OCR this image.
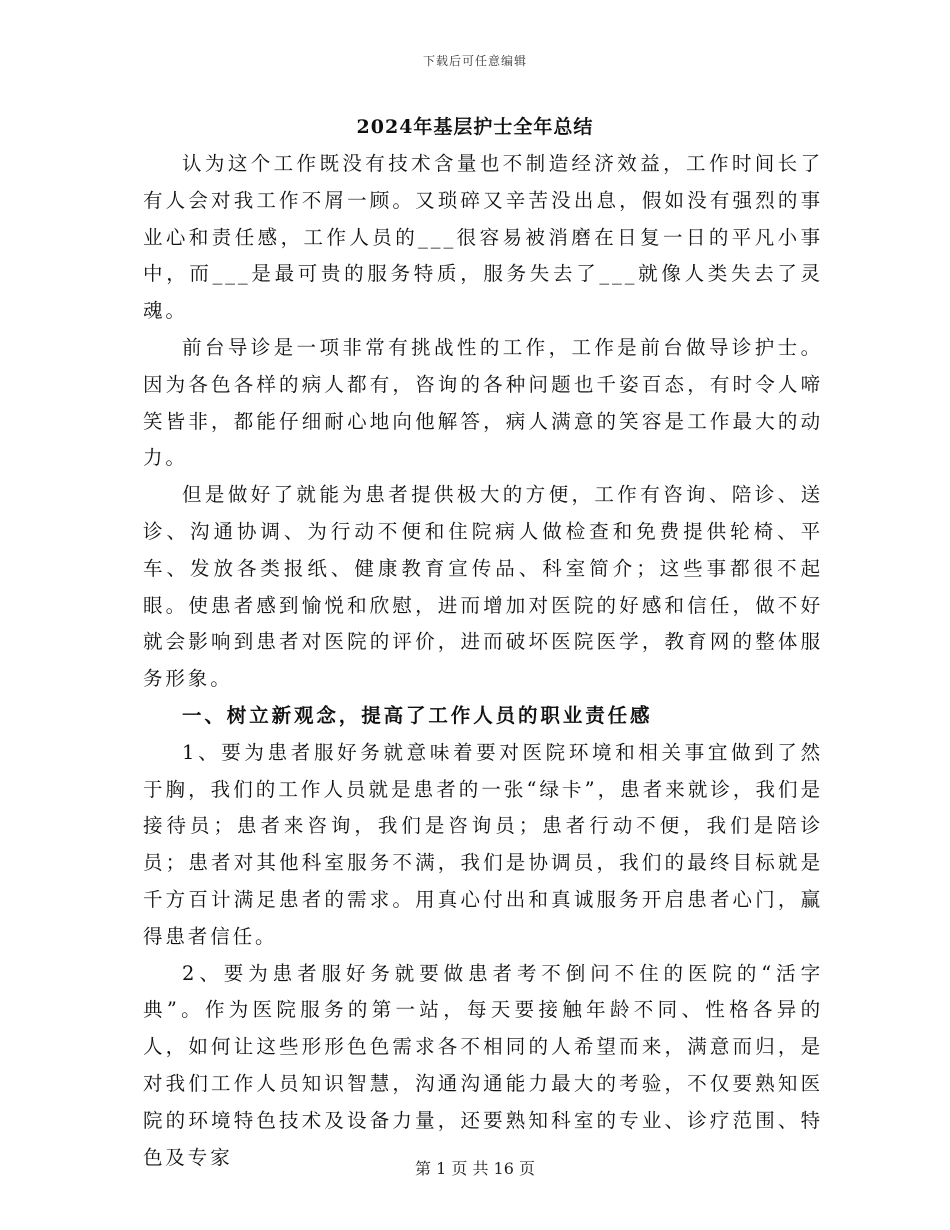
下载后可任意编辑
2024年基层护士全年总结

认为这个工作既没有技术含量也不制造经济效益，工作时间长了有人会对我工作不屑一顾。又琐碎又辛苦没出息，假如没有强烈的事业心和责任感，工作人员的___很容易被消磨在日复一日的平凡小事中，而___是最可贵的服务特质，服务失去了___就像人类失去了灵魂。

前台导诊是一项非常有挑战性的工作，工作是前台做导诊护士。因为各色各样的病人都有，咨询的各种问题也千姿百态，有时令人啼笑皆非，都能仔细耐心地向他解答，病人满意的笑容是工作最大的动力。

但是做好了就能为患者提供极大的方便，工作有咨询、陪诊、送诊、沟通协调、为行动不便和住院病人做检查和免费提供轮椅、平车、发放各类报纸、健康教育宣传品、科室简介；这些事都很不起眼。使患者感到愉悦和欣慰，进而增加对医院的好感和信任，做不好就会影响到患者对医院的评价，进而破坏医院医学，教育网的整体服务形象。

一、树立新观念，提高了工作人员的职业责任感

1、要为患者服好务就意味着要对医院环境和相关事宜做到了然于胸，我们的工作人员就是患者的一张“绿卡”，患者来就诊，我们是接待员；患者来咨询，我们是咨询员；患者行动不便，我们是陪诊员；患者对其他科室服务不满，我们是协调员，我们的最终目标就是千方百计满足患者的需求。用真心付出和真诚服务开启患者心门，赢得患者信任。

2、要为患者服好务就要做患者考不倒问不住的医院的“活字典”。作为医院服务的第一站，每天要接触年龄不同、性格各异的人，如何让这些形形色色需求各不相同的人希望而来，满意而归，是对我们工作人员知识智慧，沟通沟通能力最大的考验，不仅要熟知医院的环境特色技术及设备力量，还要熟知科室的专业、诊疗范围、特色及专家	第 1 页 共 16 页
